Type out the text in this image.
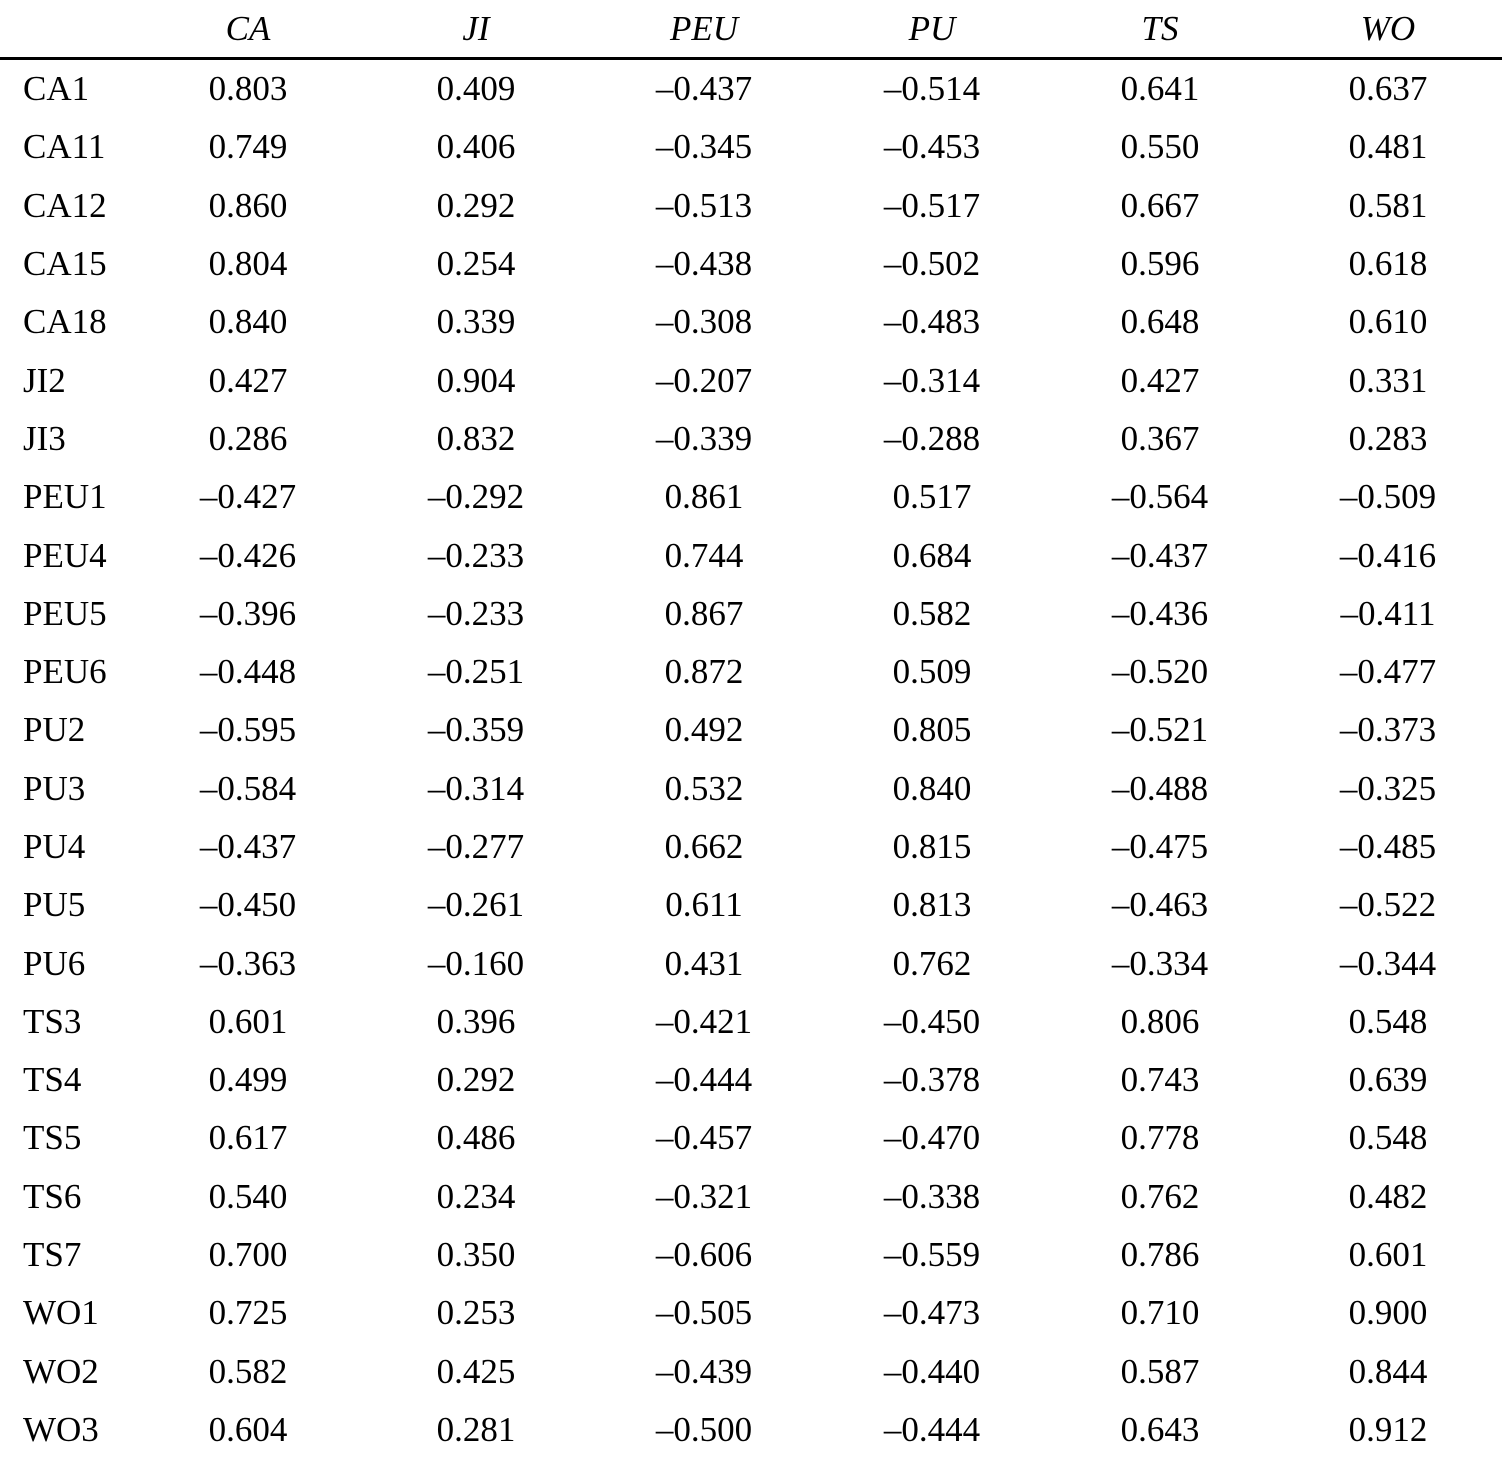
	CA	JI	PEU	PU	TS	WO
CA1	0.803	0.409	–0.437	–0.514	0.641	0.637
CA11	0.749	0.406	–0.345	–0.453	0.550	0.481
CA12	0.860	0.292	–0.513	–0.517	0.667	0.581
CA15	0.804	0.254	–0.438	–0.502	0.596	0.618
CA18	0.840	0.339	–0.308	–0.483	0.648	0.610
JI2	0.427	0.904	–0.207	–0.314	0.427	0.331
JI3	0.286	0.832	–0.339	–0.288	0.367	0.283
PEU1	–0.427	–0.292	0.861	0.517	–0.564	–0.509
PEU4	–0.426	–0.233	0.744	0.684	–0.437	–0.416
PEU5	–0.396	–0.233	0.867	0.582	–0.436	–0.411
PEU6	–0.448	–0.251	0.872	0.509	–0.520	–0.477
PU2	–0.595	–0.359	0.492	0.805	–0.521	–0.373
PU3	–0.584	–0.314	0.532	0.840	–0.488	–0.325
PU4	–0.437	–0.277	0.662	0.815	–0.475	–0.485
PU5	–0.450	–0.261	0.611	0.813	–0.463	–0.522
PU6	–0.363	–0.160	0.431	0.762	–0.334	–0.344
TS3	0.601	0.396	–0.421	–0.450	0.806	0.548
TS4	0.499	0.292	–0.444	–0.378	0.743	0.639
TS5	0.617	0.486	–0.457	–0.470	0.778	0.548
TS6	0.540	0.234	–0.321	–0.338	0.762	0.482
TS7	0.700	0.350	–0.606	–0.559	0.786	0.601
WO1	0.725	0.253	–0.505	–0.473	0.710	0.900
WO2	0.582	0.425	–0.439	–0.440	0.587	0.844
WO3	0.604	0.281	–0.500	–0.444	0.643	0.912
